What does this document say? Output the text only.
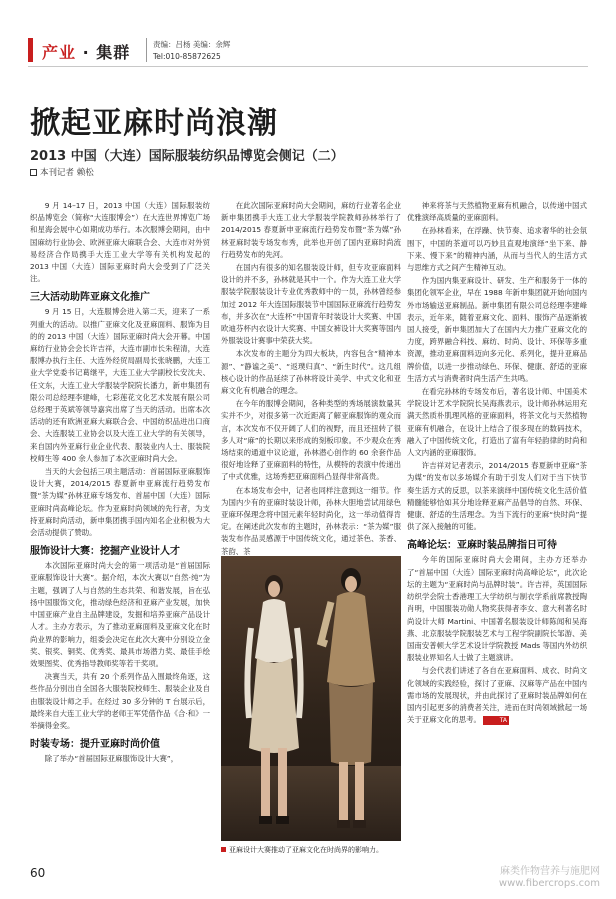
产业 · 集群	责编：吕杨 美编：余辉
Tel:010-85872625
掀起亚麻时尚浪潮
2013 中国（大连）国际服装纺织品博览会侧记（二）
本刊记者 赖松

9 月 14–17 日，2013 中国（大连）国际服装纺织品博览会（简称“大连服博会”）在大连世界博览广场和星海会展中心如期成功举行。本次服博会期间，由中国麻纺行业协会、欧洲亚麻大麻联合会、大连市对外贸易经济合作局携手大连工业大学等有关机构发起的 2013 中国（大连）国际亚麻时尚大会受到了广泛关注。

三大活动助阵亚麻文化推广

9 月 15 日，大连服博会进入第二天，迎来了一系列重大的活动。以推广亚麻文化及亚麻面料、服饰为目的的 2013 中国（大连）国际亚麻时尚大会开幕。中国麻纺行业协会会长许吉祥，大连市副市长朱程清，大连服博办执行主任、大连外经贸局副局长张晓鹏，大连工业大学党委书记葛继平，大连工业大学副校长安沈夫、任文东，大连工业大学服装学院院长潘力，新申集团有限公司总经理李建峰，七彩莲花文化艺术发展有限公司总经理于英斌等领导嘉宾出席了当天的活动。出席本次活动的还有欧洲亚麻大麻联合会、中国纺织品进出口商会、大连服装工业协会以及大连工业大学的有关领导，来自国内外亚麻行业企业代表、服装业内人士、服装院校师生等 400 余人参加了本次亚麻时尚大会。

当天的大会包括三项主题活动：首届国际亚麻服饰设计大赛，2014/2015 春夏新申亚麻流行趋势发布暨“茶为媒”孙林亚麻专场发布、首届中国（大连）国际亚麻时尚高峰论坛。作为亚麻时尚领域的先行者，为支持亚麻时尚活动，新申集团携手国内知名企业积极为大会活动提供了赞助。

服饰设计大赛：挖掘产业设计人才

本次国际亚麻时尚大会的第一项活动是“首届国际亚麻服饰设计大赛”。据介绍，本次大赛以“自然·纯”为主题，强调了人与自然的生态共荣、和谐发展，旨在弘扬中国服饰文化，推动绿色经济和亚麻产业发展，加快中国亚麻产业自主品牌建设，发掘和培养亚麻产品设计人才。主办方表示，为了推动亚麻面料及亚麻文化在时尚业界的影响力，组委会决定在此次大赛中分别设立金奖、银奖、铜奖、优秀奖、最具市场潜力奖、最佳手绘效果图奖、优秀指导教师奖等若干奖项。

决赛当天，共有 20 个系列作品入围最终角逐，这些作品分别出自全国各大服装院校师生、服装企业及自由服装设计师之手。在经过 30 多分钟的 T 台展示后，最终来自大连工业大学的老师王军凭借作品《合·和》一举摘得金奖。

时装专场：提升亚麻时尚价值

除了举办“首届国际亚麻服饰设计大赛”，

在此次国际亚麻时尚大会期间，麻纺行业著名企业新申集团携手大连工业大学服装学院教师孙林举行了 2014/2015 春夏新申亚麻流行趋势发布暨“茶为媒”孙林亚麻时装专场发布秀，此举也开创了国内亚麻时尚流行趋势发布的先河。

在国内有很多的知名服装设计师，但专攻亚麻面料设计的并不多，孙林就是其中一个。作为大连工业大学服装学院服装设计专业优秀教师中的一员，孙林曾经参加过 2012 年大连国际服装节中国国际亚麻流行趋势发布，并多次在“大连杯”中国青年时装设计大奖赛、中国欧迪芬杯内衣设计大奖赛、中国女裤设计大奖赛等国内外服装设计赛事中荣获大奖。

本次发布的主题分为四大板块，内容包含“精神本源”、“静谧之美”、“返璞归真”、“新生时代”。这几组核心设计的作品延续了孙林将设计美学、中式文化和亚麻文化有机融合的理念。

在今年的服博会期间，各种类型的秀场展演数量其实并不少，对很多第一次近距离了解亚麻服饰的观众而言，本次发布不仅开阔了人们的视野，而且还扭转了很多人对“麻”的长期以来形成的刻板印象。不少观众在秀场结束的通道中议论道，孙林潜心创作的 60 余套作品很好地诠释了亚麻面料的特性，从模特的表演中传递出了中式优雅，这场秀把亚麻面料凸显得非常高贵。

在本场发布会中，记者也同样注意到这一细节。作为国内少有的亚麻时装设计师，孙林大胆地尝试用绿色亚麻环保理念将中国元素年轻时尚化，这一举动值得肯定。在阐述此次发布的主题时，孙林表示：“茶为媒”服装发布作品灵感源于中国传统文化，通过茶色、茶香、茶韵、茶

亚麻设计大赛推动了亚麻文化在时尚界的影响力。

神来将茶与天然植物亚麻有机融合，以传递中国式优雅演绎高质量的亚麻面料。

在孙林看来，在浮躁、快节奏、追求奢华的社会氛围下，中国的茶道可以巧妙且直观地演绎“坐下来、静下来、慢下来”的精神内涵，从而与当代人的生活方式与思维方式之间产生精神互动。

作为国内集亚麻设计、研发、生产和服务于一体的集团化领军企业，早在 1988 年新申集团就开始向国内外市场输送亚麻制品。新申集团有限公司总经理李建峰表示，近年来，随着亚麻文化、面料、服饰产品逐渐被国人接受，新申集团加大了在国内大力推广亚麻文化的力度，跨界融合科技、麻纺、时尚、设计、环保等多重资源，推动亚麻面料迈向多元化、系列化，提升亚麻品牌价值，以进一步推动绿色、环保、健康、舒适的亚麻生活方式与消费者时尚生活产生共鸣。

在看完孙林的专场发布后，著名设计师、中国美术学院设计艺术学院院长吴海燕表示，设计师孙林运用充满天然质朴肌理风格的亚麻面料，将茶文化与天然植物亚麻有机融合，在设计上结合了很多现在的数码技术，融入了中国传统文化，打造出了富有年轻韵律的时尚和人文内涵的亚麻服饰。

许吉祥对记者表示，2014/2015 春夏新申亚麻“茶为媒”的发布以多场媒介有助于引发人们对于当下快节奏生活方式的反思，以茶来演绎中国传统文化生活价值精髓能够恰如其分地诠释亚麻产品倡导的自然、环保、健康、舒适的生活理念。为当下流行的亚麻“快时尚”提供了深入接触的可能。

高峰论坛：亚麻时装品牌指日可待

今年的国际亚麻时尚大会期间，主办方还举办了“首届中国（大连）国际亚麻时尚高峰论坛”，此次论坛的主题为“亚麻时尚与品牌时装”。许吉祥，英国国际纺织学会院士香港理工大学纺织与制衣学系前席教授陶肖明，中国服装功勋人物奖获得者李女、意大利著名时尚设计大师 Martini、中国著名服装设计师陈闻和吴海燕、北京服装学院服装艺术与工程学院副院长邹游、美国南安普顿大学艺术设计学院教授 Mads 等国内外纺织服装业界知名人士做了主题演讲。

与会代表们讲述了各自在亚麻面料、成衣、时尚文化领域的实践经验，探讨了亚麻、汉麻等产品在中国内需市场的发展现状，并由此探讨了亚麻时装品牌如何在国内引起更多的消费者关注，进而在时尚领域掀起一场关于亚麻文化的思考。	TA

60	麻类作物营养与施肥网
www.fibercrops.com
